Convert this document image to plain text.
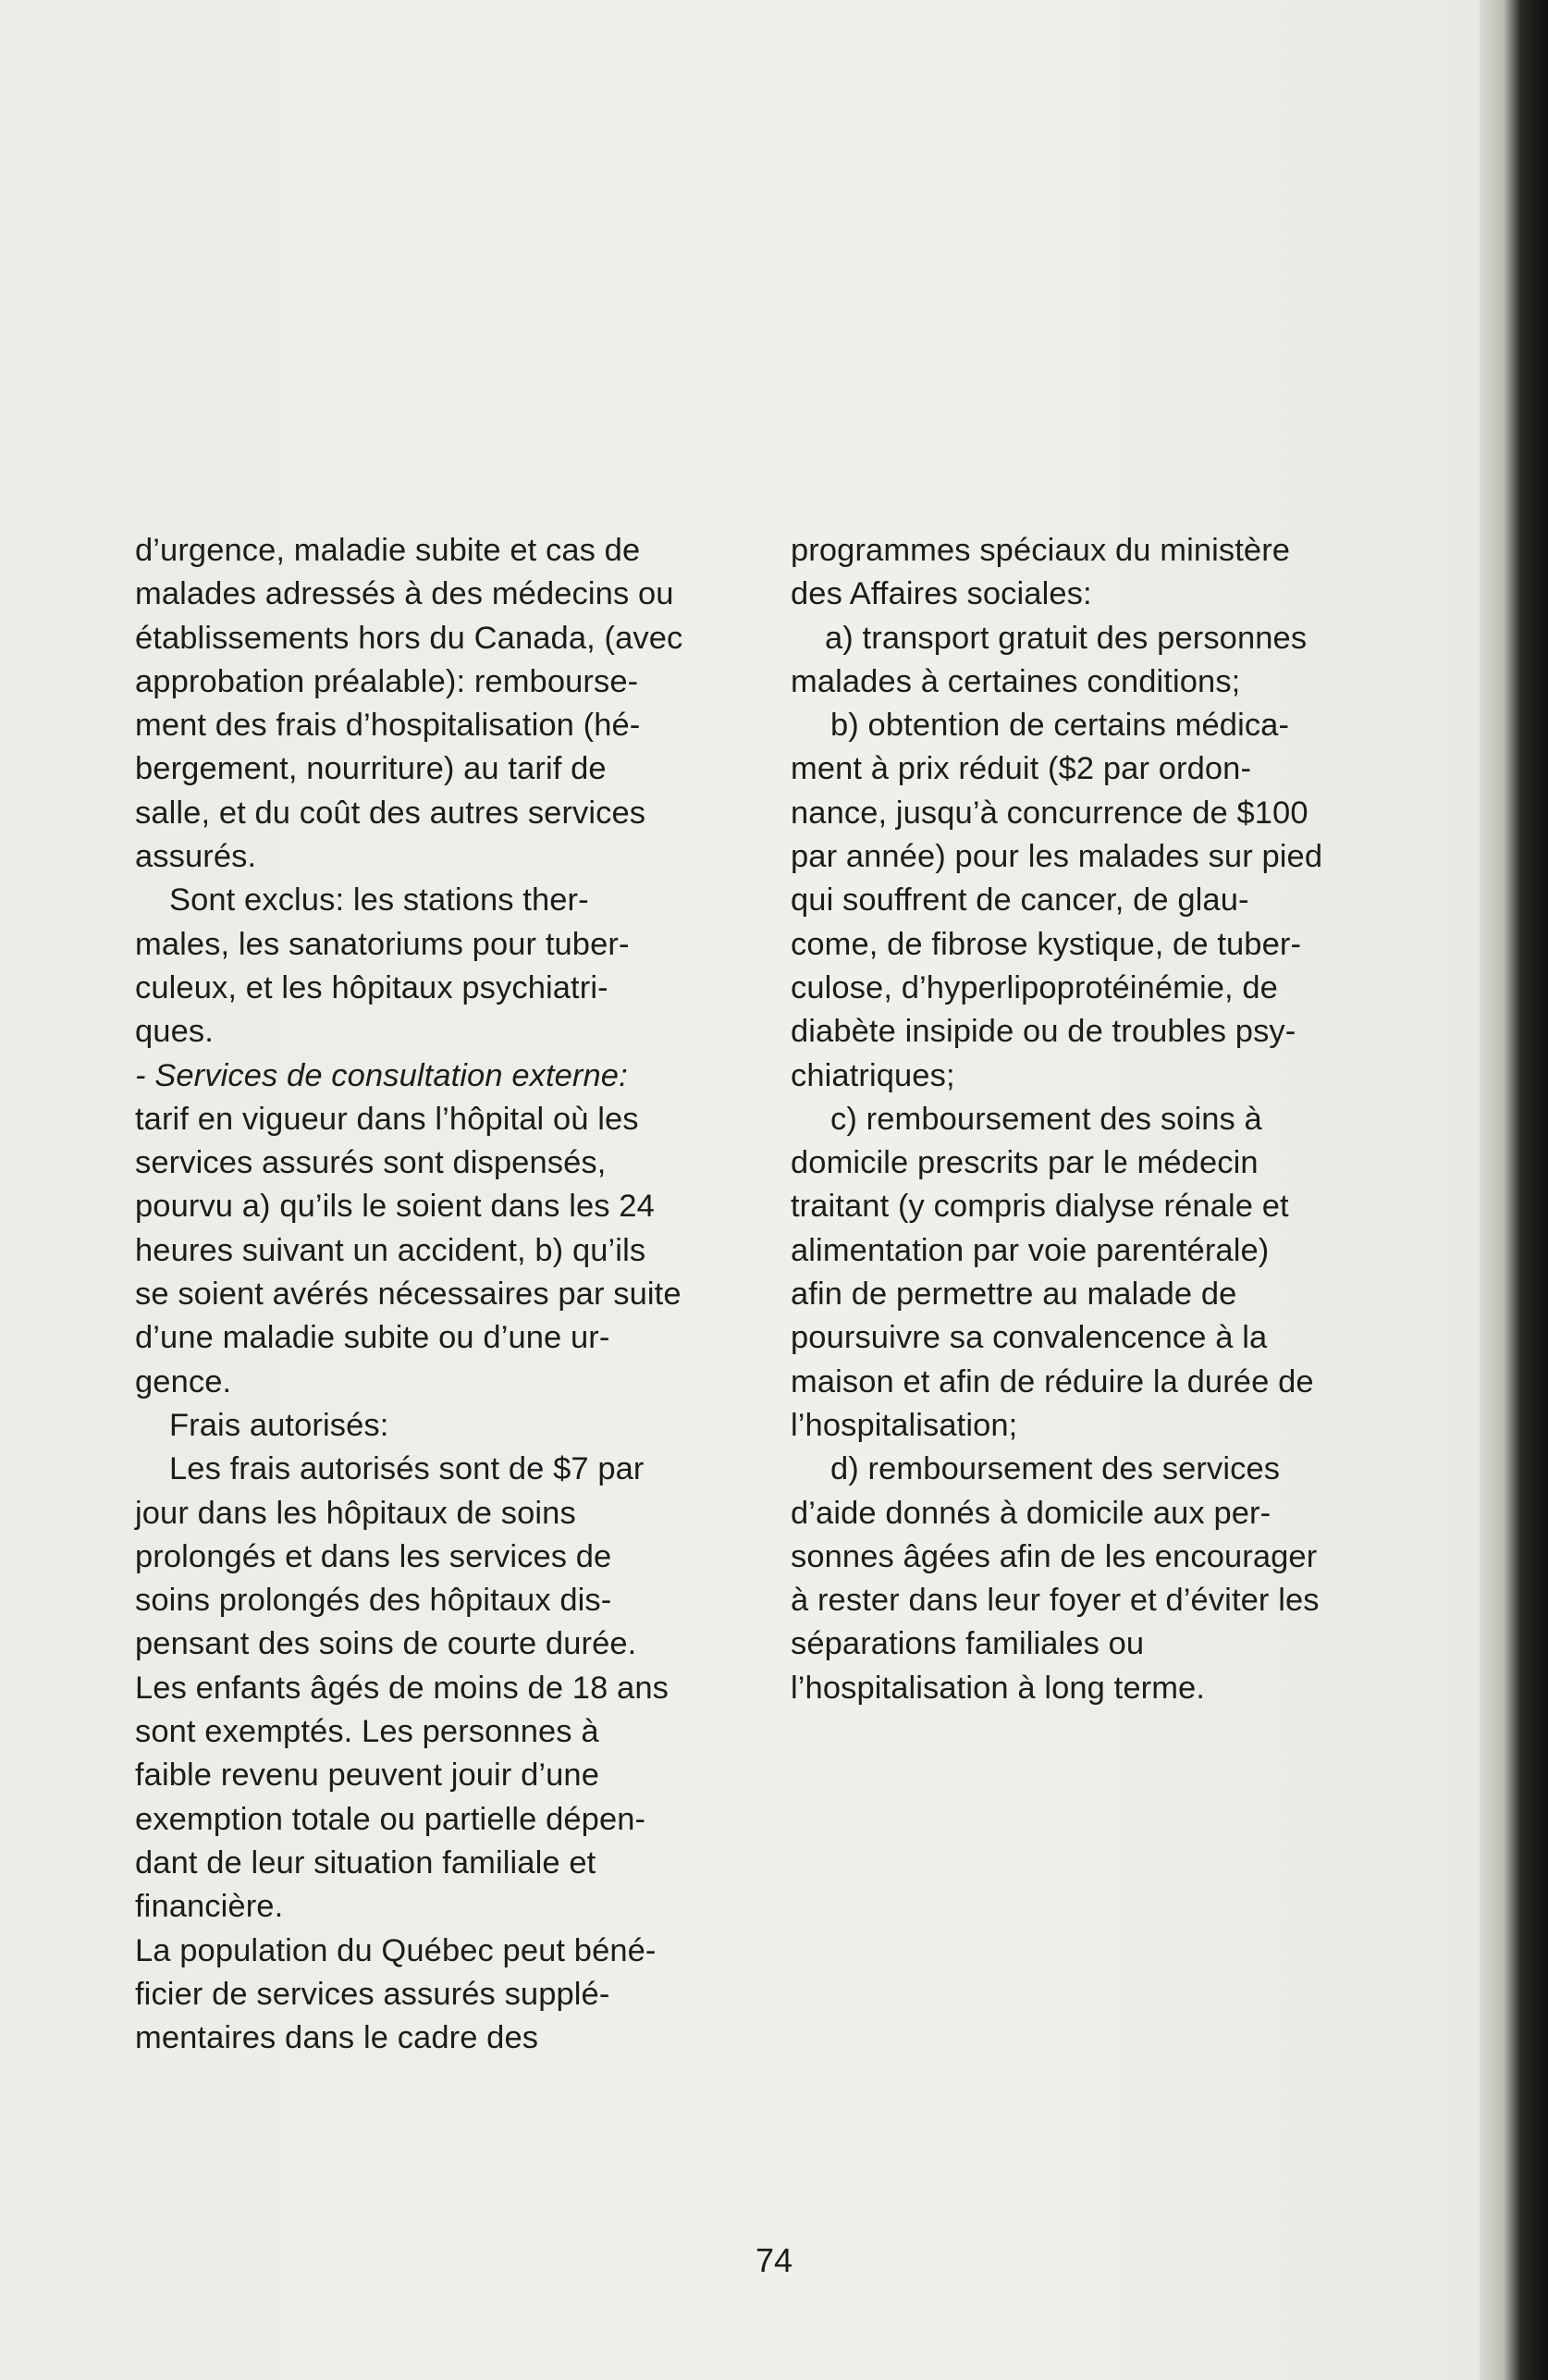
d’urgence, maladie subite et cas de
malades adressés à des médecins ou
établissements hors du Canada, (avec
approbation préalable): rembourse-
ment des frais d’hospitalisation (hé-
bergement, nourriture) au tarif de
salle, et du coût des autres services
assurés.
Sont exclus: les stations ther-
males, les sanatoriums pour tuber-
culeux, et les hôpitaux psychiatri-
ques.
- Services de consultation externe:
tarif en vigueur dans l’hôpital où les
services assurés sont dispensés,
pourvu a) qu’ils le soient dans les 24
heures suivant un accident, b) qu’ils
se soient avérés nécessaires par suite
d’une maladie subite ou d’une ur-
gence.
Frais autorisés:
Les frais autorisés sont de $7 par
jour dans les hôpitaux de soins
prolongés et dans les services de
soins prolongés des hôpitaux dis-
pensant des soins de courte durée.
Les enfants âgés de moins de 18 ans
sont exemptés. Les personnes à
faible revenu peuvent jouir d’une
exemption totale ou partielle dépen-
dant de leur situation familiale et
financière.
La population du Québec peut béné-
ficier de services assurés supplé-
mentaires dans le cadre des
programmes spéciaux du ministère
des Affaires sociales:
a) transport gratuit des personnes
malades à certaines conditions;
b) obtention de certains médica-
ment à prix réduit ($2 par ordon-
nance, jusqu’à concurrence de $100
par année) pour les malades sur pied
qui souffrent de cancer, de glau-
come, de fibrose kystique, de tuber-
culose, d’hyperlipoprotéinémie, de
diabète insipide ou de troubles psy-
chiatriques;
c) remboursement des soins à
domicile prescrits par le médecin
traitant (y compris dialyse rénale et
alimentation par voie parentérale)
afin de permettre au malade de
poursuivre sa convalencence à la
maison et afin de réduire la durée de
l’hospitalisation;
d) remboursement des services
d’aide donnés à domicile aux per-
sonnes âgées afin de les encourager
à rester dans leur foyer et d’éviter les
séparations familiales ou
l’hospitalisation à long terme.
74
